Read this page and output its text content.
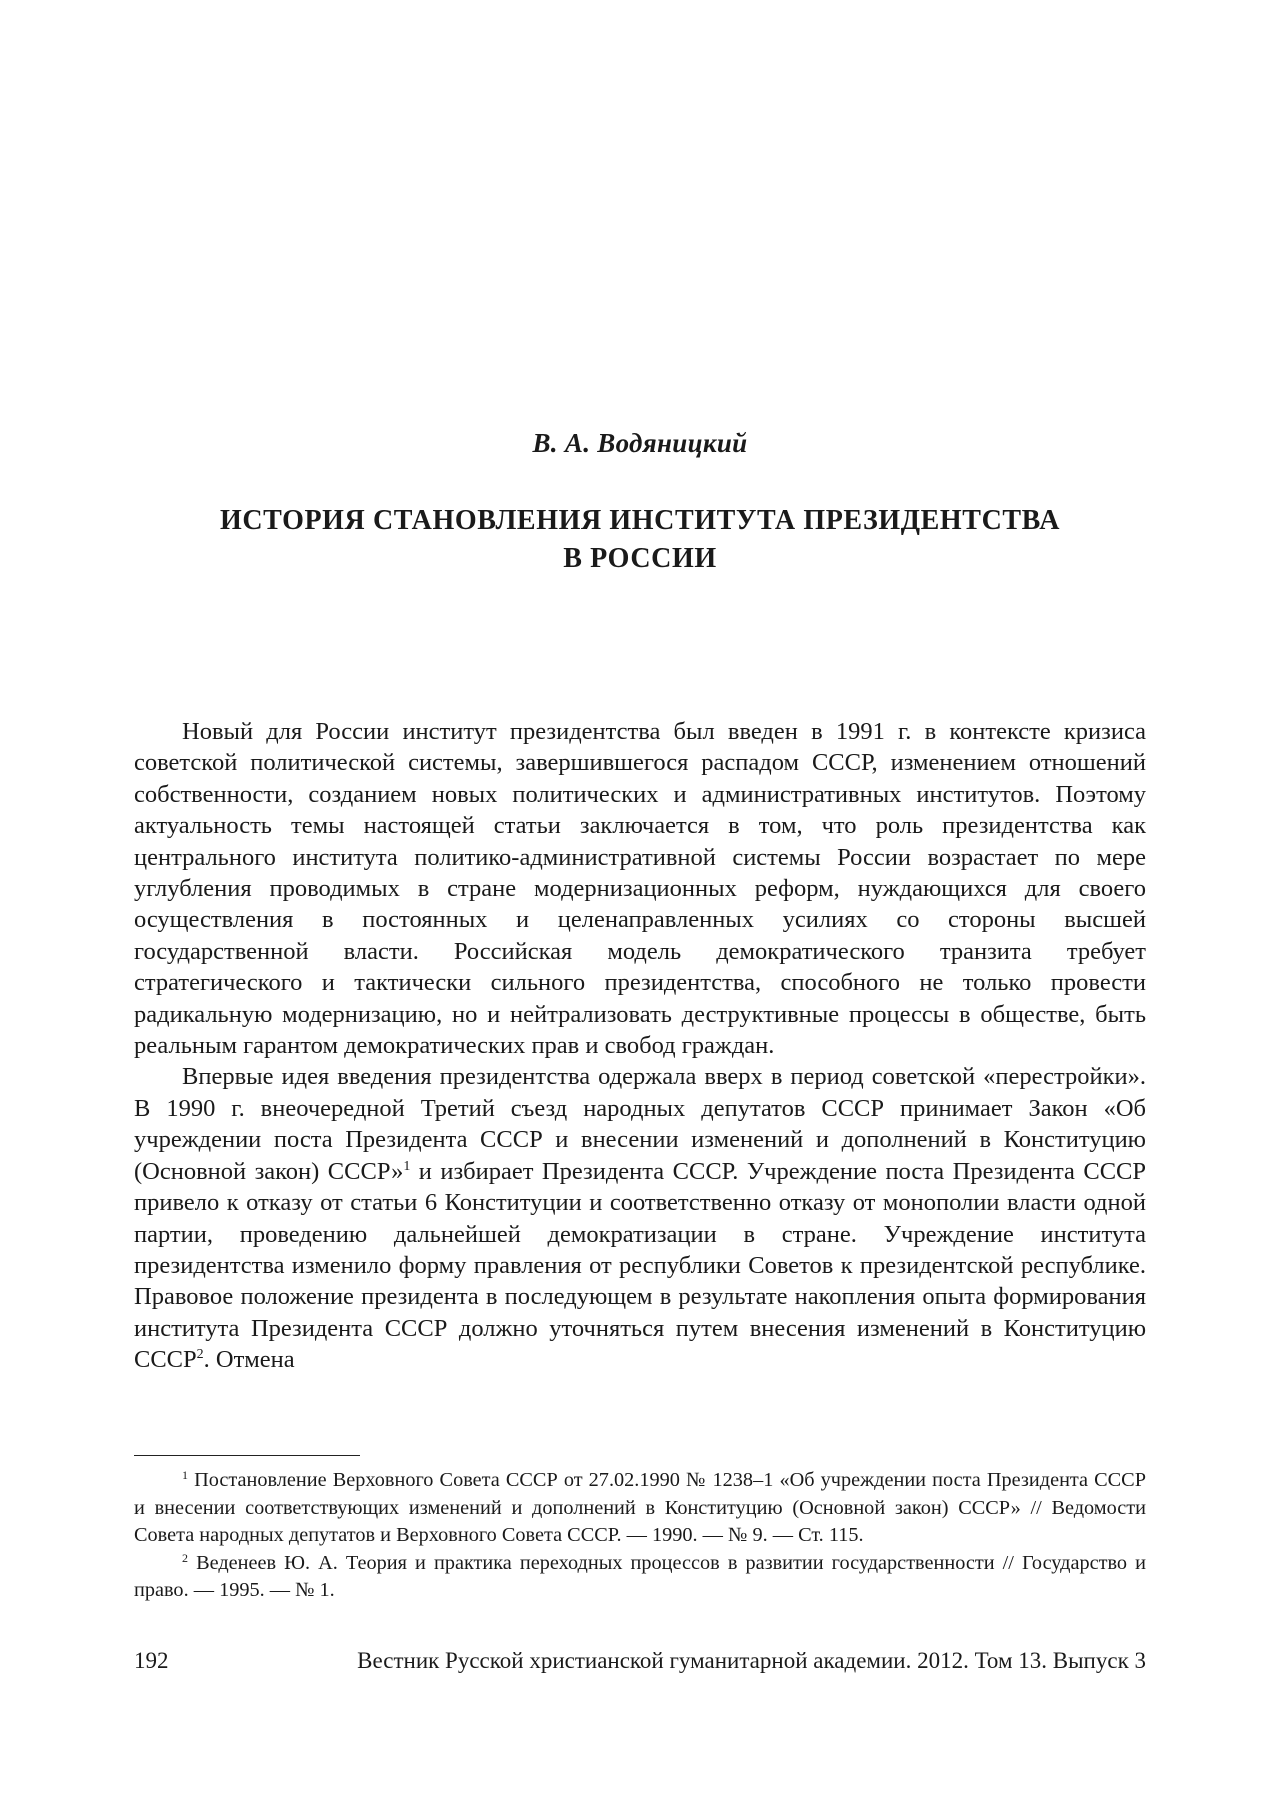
В. А. Водяницкий
ИСТОРИЯ СТАНОВЛЕНИЯ ИНСТИТУТА ПРЕЗИДЕНТСТВА
В РОССИИ

Новый для России институт президентства был введен в 1991 г. в контексте кризиса советской политической системы, завершившегося распадом СССР, изменением отношений собственности, созданием новых политических и административных институтов. Поэтому актуальность темы настоящей статьи заключается в том, что роль президентства как центрального института политико-административной системы России возрастает по мере углубления проводимых в стране модернизационных реформ, нуждающихся для своего осуществления в постоянных и целенаправленных усилиях со стороны высшей государственной власти. Российская модель демократического транзита требует стратегического и тактически сильного президентства, способного не только провести радикальную модернизацию, но и нейтрализовать деструктивные процессы в обществе, быть реальным гарантом демократических прав и свобод граждан.

Впервые идея введения президентства одержала вверх в период советской «перестройки». В 1990 г. внеочередной Третий съезд народных депутатов СССР принимает Закон «Об учреждении поста Президента СССР и внесении изменений и дополнений в Конституцию (Основной закон) СССР»$^1$ и избирает Президента СССР. Учреждение поста Президента СССР привело к отказу от статьи 6 Конституции и соответственно отказу от монополии власти одной партии, проведению дальнейшей демократизации в стране. Учреждение института президентства изменило форму правления от республики Советов к президентской республике. Правовое положение президента в последующем в результате накопления опыта формирования института Президента СССР должно уточняться путем внесения изменений в Конституцию СССР$^2$. Отмена

$^1$ Постановление Верховного Совета СССР от 27.02.1990 № 1238–1 «Об учреждении поста Президента СССР и внесении соответствующих изменений и дополнений в Конституцию (Основной закон) СССР» // Ведомости Совета народных депутатов и Верховного Совета СССР. — 1990. — № 9. — Ст. 115.

$^2$ Веденеев Ю. А. Теория и практика переходных процессов в развитии государственности // Государство и право. — 1995. — № 1.

192	Вестник Русской христианской гуманитарной академии. 2012. Том 13. Выпуск 3
